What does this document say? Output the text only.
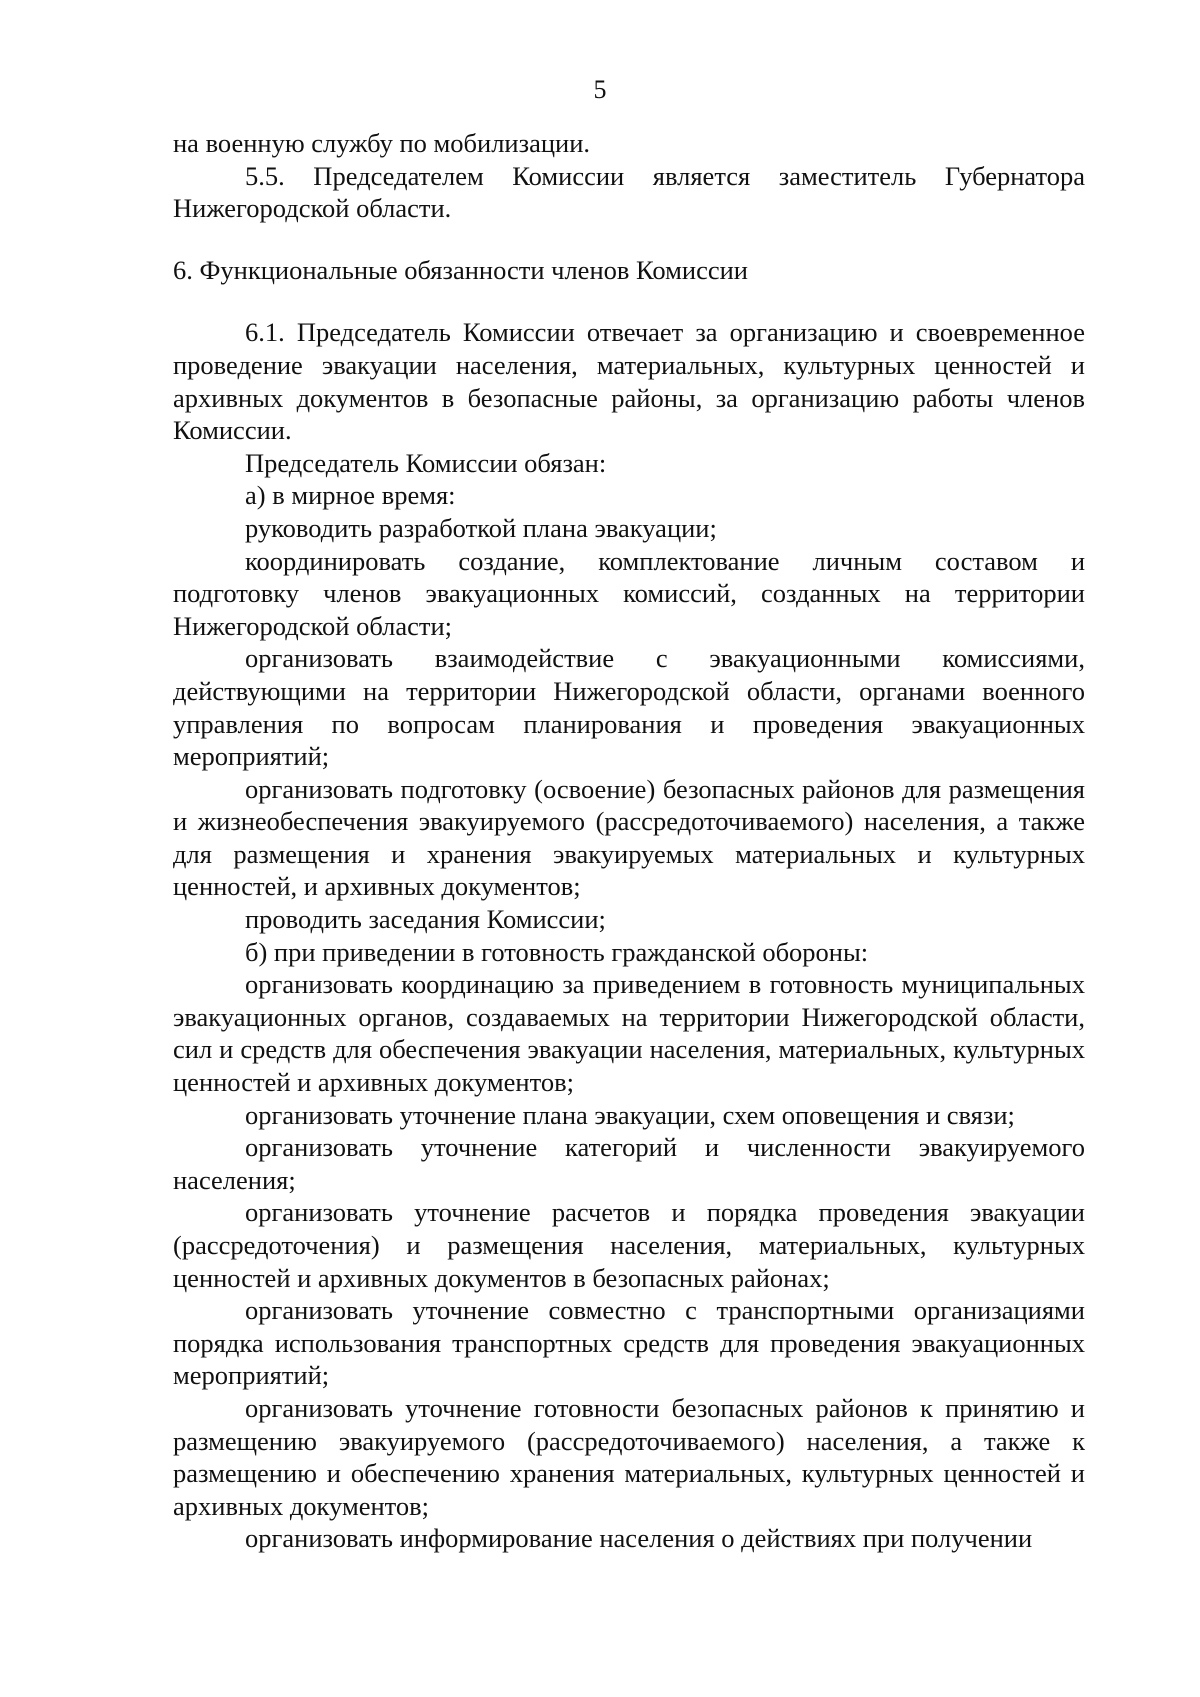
5

на военную службу по мобилизации.

5.5. Председателем Комиссии является заместитель Губернатора Нижегородской области.

6. Функциональные обязанности членов Комиссии

6.1. Председатель Комиссии отвечает за организацию и своевременное проведение эвакуации населения, материальных, культурных ценностей и архивных документов в безопасные районы, за организацию работы членов Комиссии.

Председатель Комиссии обязан:

а) в мирное время:

руководить разработкой плана эвакуации;

координировать создание, комплектование личным составом и подготовку членов эвакуационных комиссий, созданных на территории Нижегородской области;

организовать взаимодействие с эвакуационными комиссиями, действующими на территории Нижегородской области, органами военного управления по вопросам планирования и проведения эвакуационных мероприятий;

организовать подготовку (освоение) безопасных районов для размещения и жизнеобеспечения эвакуируемого (рассредоточиваемого) населения, а также для размещения и хранения эвакуируемых материальных и культурных ценностей, и архивных документов;

проводить заседания Комиссии;

б) при приведении в готовность гражданской обороны:

организовать координацию за приведением в готовность муниципальных эвакуационных органов, создаваемых на территории Нижегородской области, сил и средств для обеспечения эвакуации населения, материальных, культурных ценностей и архивных документов;

организовать уточнение плана эвакуации, схем оповещения и связи;

организовать уточнение категорий и численности эвакуируемого населения;

организовать уточнение расчетов и порядка проведения эвакуации (рассредоточения) и размещения населения, материальных, культурных ценностей и архивных документов в безопасных районах;

организовать уточнение совместно с транспортными организациями порядка использования транспортных средств для проведения эвакуационных мероприятий;

организовать уточнение готовности безопасных районов к принятию и размещению эвакуируемого (рассредоточиваемого) населения, а также к размещению и обеспечению хранения материальных, культурных ценностей и архивных документов;

организовать информирование населения о действиях при получении
